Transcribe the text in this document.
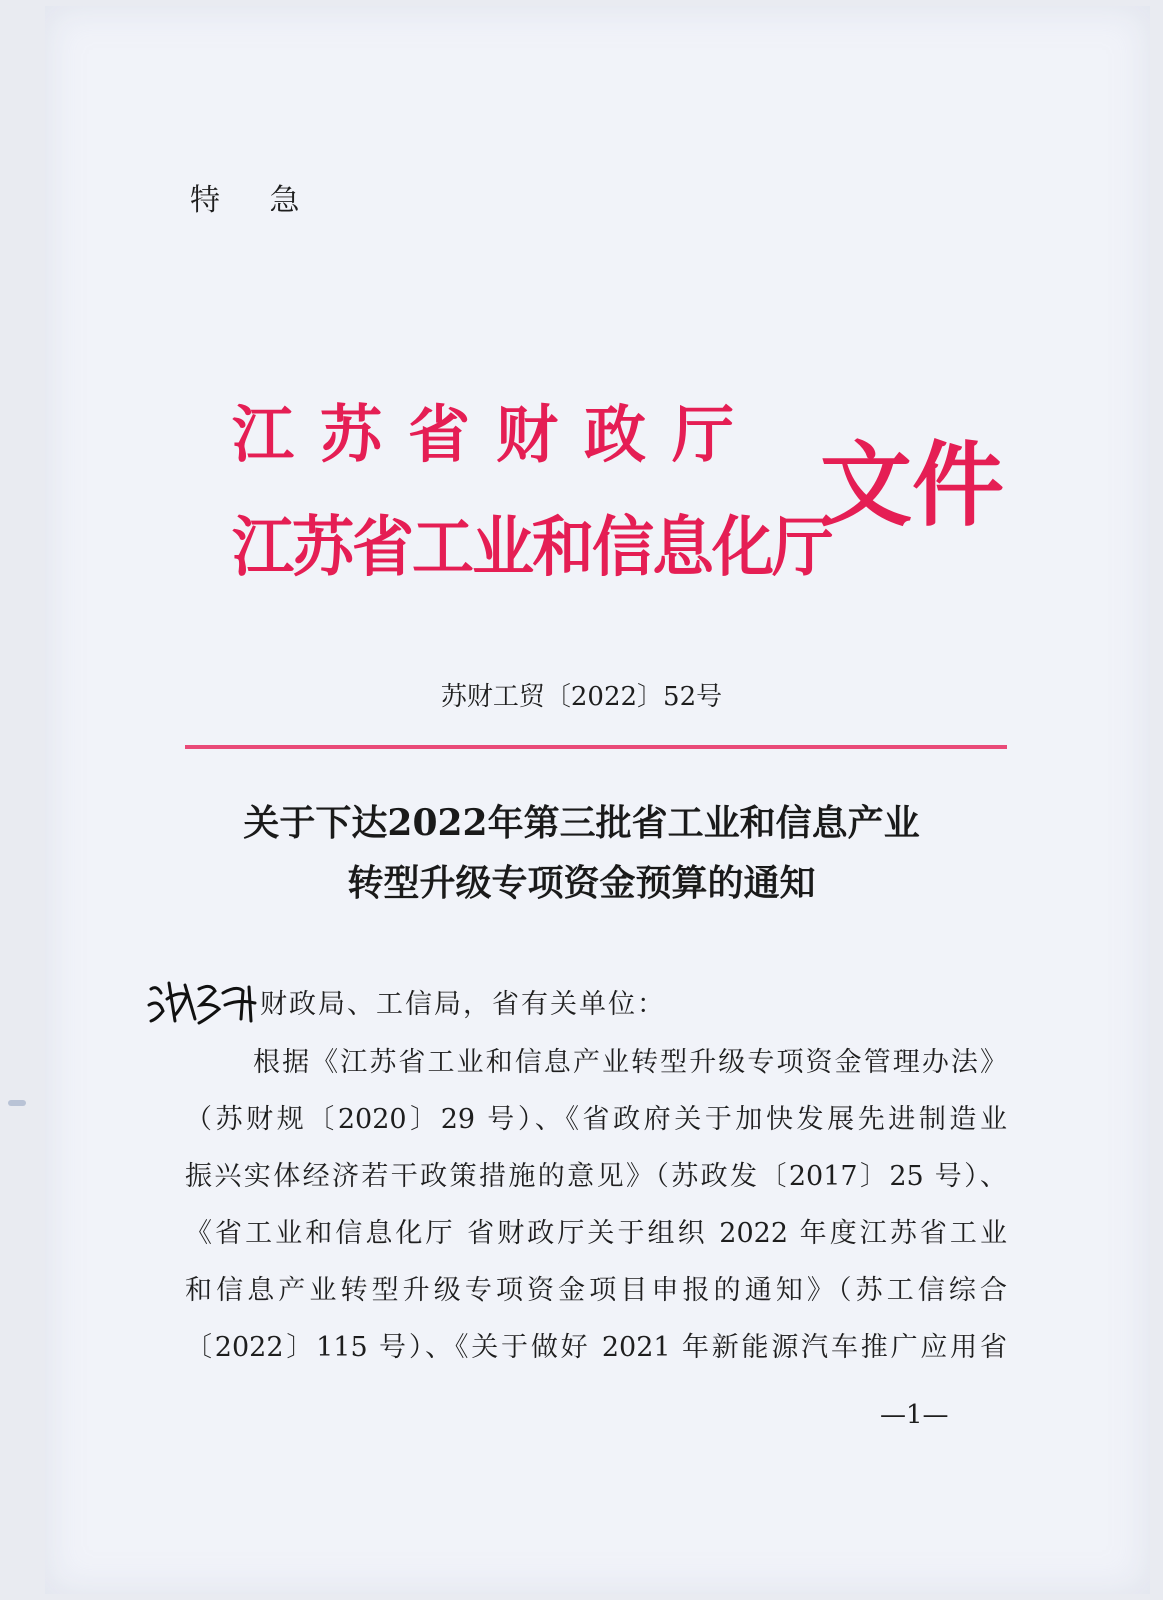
特 急
江苏省财政厅
江苏省工业和信息化厅
文件
苏财工贸〔2022〕52号
关于下达2022年第三批省工业和信息产业
转型升级专项资金预算的通知
财政局、工信局，省有关单位：
根据《江苏省工业和信息产业转型升级专项资金管理办法》
（苏财规〔2020〕29 号）、《省政府关于加快发展先进制造业
振兴实体经济若干政策措施的意见》（苏政发〔2017〕25 号）、
《省工业和信息化厅 省财政厅关于组织 2022 年度江苏省工业
和信息产业转型升级专项资金项目申报的通知》（苏工信综合
〔2022〕115 号）、《关于做好 2021 年新能源汽车推广应用省
—1—
